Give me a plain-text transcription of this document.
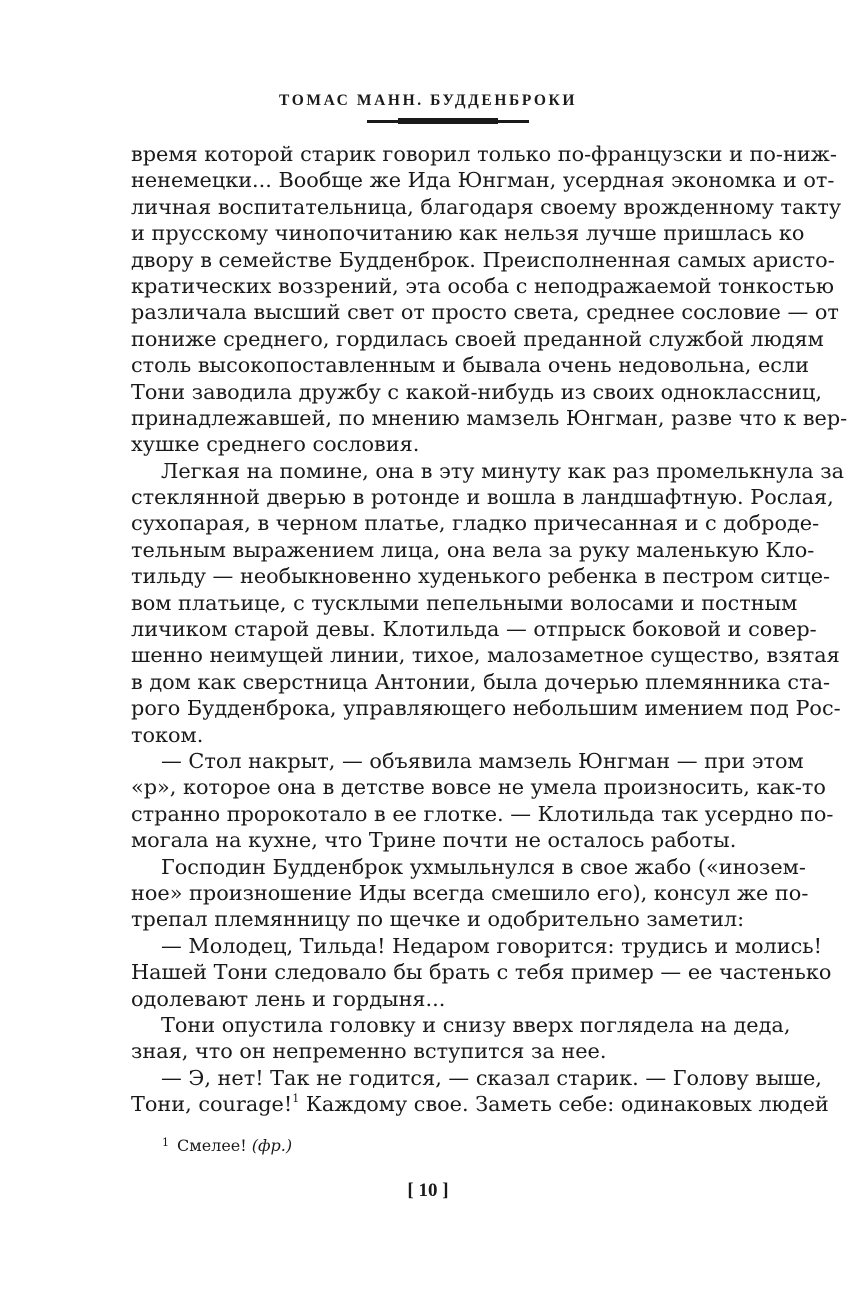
ТОМАС МАНН. БУДДЕНБРОКИ
время которой старик говорил только по-французски и по-ниж-
ненемецки... Вообще же Ида Юнгман, усердная экономка и от-
личная воспитательница, благодаря своему врожденному такту
и прусскому чинопочитанию как нельзя лучше пришлась ко
двору в семействе Будденброк. Преисполненная самых аристо-
кратических воззрений, эта особа с неподражаемой тонкостью
различала высший свет от просто света, среднее сословие — от
пониже среднего, гордилась своей преданной службой людям
столь высокопоставленным и бывала очень недовольна, если
Тони заводила дружбу с какой-нибудь из своих одноклассниц,
принадлежавшей, по мнению мамзель Юнгман, разве что к вер-
хушке среднего сословия.
Легкая на помине, она в эту минуту как раз промелькнула за
стеклянной дверью в ротонде и вошла в ландшафтную. Рослая,
сухопарая, в черном платье, гладко причесанная и с доброде-
тельным выражением лица, она вела за руку маленькую Кло-
тильду — необыкновенно худенького ребенка в пестром ситце-
вом платьице, с тусклыми пепельными волосами и постным
личиком старой девы. Клотильда — отпрыск боковой и совер-
шенно неимущей линии, тихое, малозаметное существо, взятая
в дом как сверстница Антонии, была дочерью племянника ста-
рого Будденброка, управляющего небольшим имением под Рос-
током.
— Стол накрыт, — объявила мамзель Юнгман — при этом
«р», которое она в детстве вовсе не умела произносить, как-то
странно пророкотало в ее глотке. — Клотильда так усердно по-
могала на кухне, что Трине почти не осталось работы.
Господин Будденброк ухмыльнулся в свое жабо («инозем-
ное» произношение Иды всегда смешило его), консул же по-
трепал племянницу по щечке и одобрительно заметил:
— Молодец, Тильда! Недаром говорится: трудись и молись!
Нашей Тони следовало бы брать с тебя пример — ее частенько
одолевают лень и гордыня...
Тони опустила головку и снизу вверх поглядела на деда,
зная, что он непременно вступится за нее.
— Э, нет! Так не годится, — сказал старик. — Голову выше,
Тони, courage!$^1$ Каждому свое. Заметь себе: одинаковых людей
$^1$ Смелее! (фр.)
[ 10 ]
